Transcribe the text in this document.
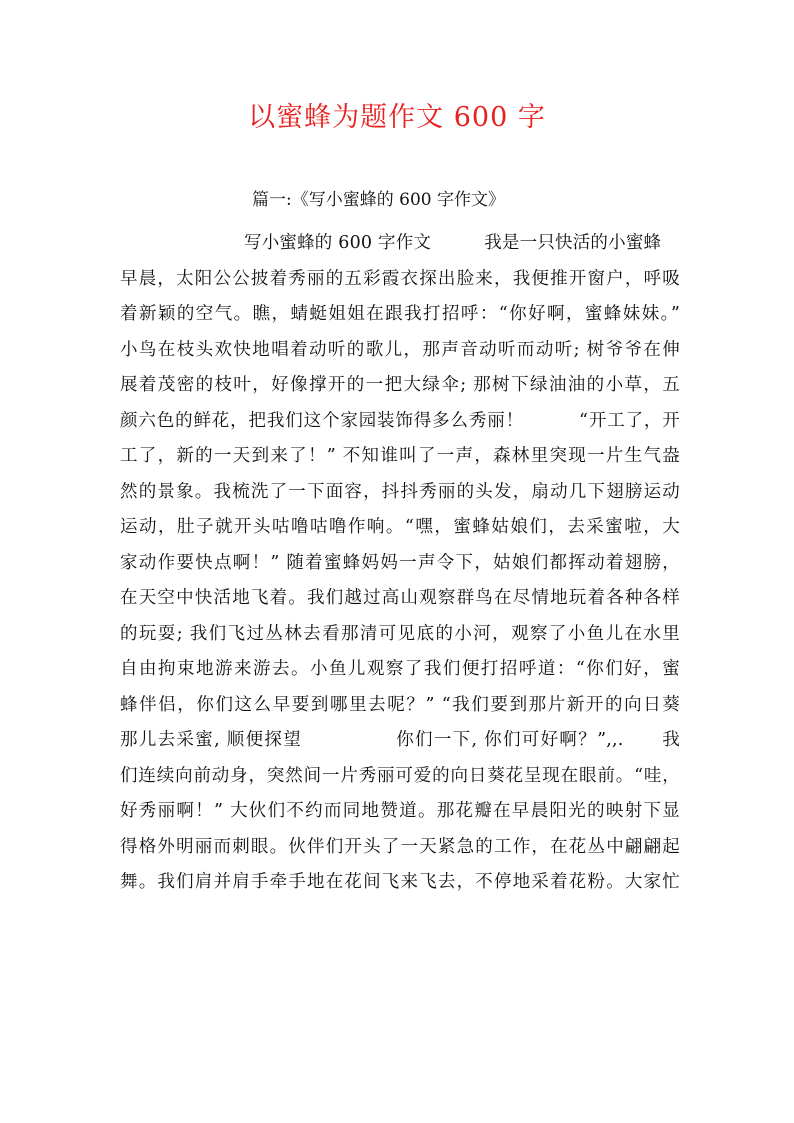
以蜜蜂为题作文 600 字
篇一:《写小蜜蜂的 600 字作文》
写小蜜蜂的 600 字作文　　　我是一只快活的小蜜蜂
早晨，太阳公公披着秀丽的五彩霞衣探出脸来，我便推开窗户，呼吸
着新颖的空气。瞧，蜻蜓姐姐在跟我打招呼：“你好啊，蜜蜂妹妹。”
小鸟在枝头欢快地唱着动听的歌儿，那声音动听而动听; 树爷爷在伸
展着茂密的枝叶，好像撑开的一把大绿伞; 那树下绿油油的小草，五
颜六色的鲜花，把我们这个家园装饰得多么秀丽！　　　“开工了，开
工了，新的一天到来了！” 不知谁叫了一声，森林里突现一片生气盎
然的景象。我梳洗了一下面容，抖抖秀丽的头发，扇动几下翅膀运动
运动，肚子就开头咕噜咕噜作响。“嘿，蜜蜂姑娘们，去采蜜啦，大
家动作要快点啊！” 随着蜜蜂妈妈一声令下，姑娘们都挥动着翅膀，
在天空中快活地飞着。我们越过高山观察群鸟在尽情地玩着各种各样
的玩耍; 我们飞过丛林去看那清可见底的小河，观察了小鱼儿在水里
自由拘束地游来游去。小鱼儿观察了我们便打招呼道：“你们好，蜜
蜂伴侣，你们这么早要到哪里去呢？” “我们要到那片新开的向日葵
那儿去采蜜, 顺便探望　　　　　你们一下, 你们可好啊？”,,.　　我
们连续向前动身，突然间一片秀丽可爱的向日葵花呈现在眼前。“哇，
好秀丽啊！” 大伙们不约而同地赞道。那花瓣在早晨阳光的映射下显
得格外明丽而刺眼。伙伴们开头了一天紧急的工作，在花丛中翩翩起
舞。我们肩并肩手牵手地在花间飞来飞去，不停地采着花粉。大家忙
